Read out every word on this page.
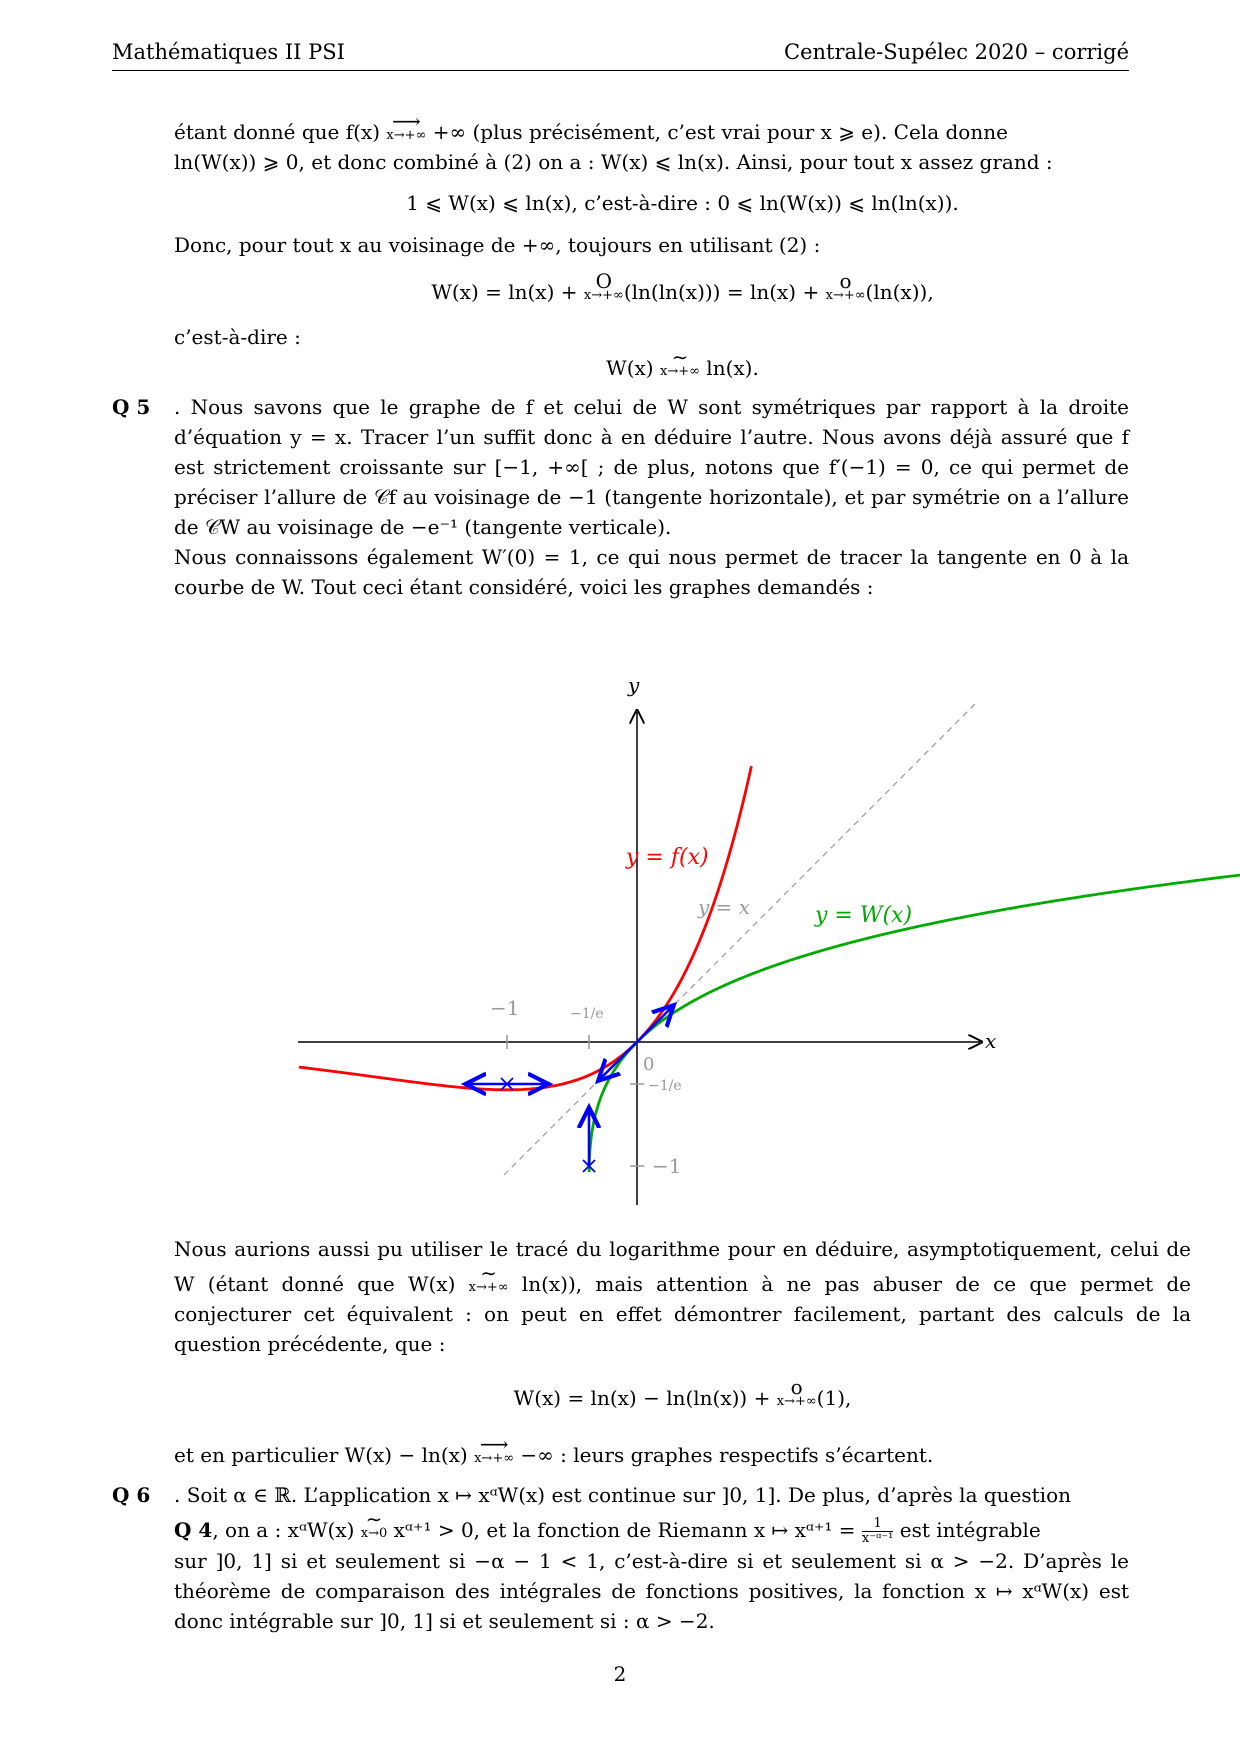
Mathématiques II PSI	Centrale-Supélec 2020 – corrigé
étant donné que f(x) ⟶
x→+∞ +∞ (plus précisément, c’est vrai pour x ⩾ e). Cela donne
ln(W(x)) ⩾ 0, et donc combiné à (2) on a : W(x) ⩽ ln(x). Ainsi, pour tout x assez grand :
1 ⩽ W(x) ⩽ ln(x), c’est-à-dire : 0 ⩽ ln(W(x)) ⩽ ln(ln(x)).
Donc, pour tout x au voisinage de +∞, toujours en utilisant (2) :
W(x) = ln(x) + O
x→+∞ (ln(ln(x))) = ln(x) + o
x→+∞ (ln(x)),
c’est-à-dire :
W(x) ∼
x→+∞ ln(x).
Q 5	. Nous savons que le graphe de f et celui de W sont symétriques par rapport à la droite d’équation y = x. Tracer l’un suffit donc à en déduire l’autre. Nous avons déjà assuré que f est strictement croissante sur [−1, +∞[ ; de plus, notons que f′(−1) = 0, ce qui permet de préciser l’allure de 𝒞f au voisinage de −1 (tangente horizontale), et par symétrie on a l’allure de 𝒞W au voisinage de −e⁻¹ (tangente verticale).
Nous connaissons également W′(0) = 1, ce qui nous permet de tracer la tangente en 0 à la courbe de W. Tout ceci étant considéré, voici les graphes demandés :
x
y
−1	−1/e
0
−1/e
−1
y = f(x)
y = W(x)
y = x
Nous aurions aussi pu utiliser le tracé du logarithme pour en déduire, asymptotiquement, celui de W (étant donné que W(x) ∼
x→+∞ ln(x)), mais attention à ne pas abuser de ce que permet de conjecturer cet équivalent : on peut en effet démontrer facilement, partant des calculs de la question précédente, que :
W(x) = ln(x) − ln(ln(x)) + o
x→+∞ (1),
et en particulier W(x) − ln(x) ⟶
x→+∞ −∞ : leurs graphes respectifs s’écartent.
Q 6	. Soit α ∈ ℝ. L’application x ↦ xᵅW(x) est continue sur ]0, 1]. De plus, d’après la question
Q 4, on a : xᵅW(x) ∼
x→0 xᵅ⁺¹ > 0, et la fonction de Riemann x ↦ xᵅ⁺¹ = $\frac{1}{\text{x⁻ᵅ⁻¹}}$ est intégrable
sur ]0, 1] si et seulement si −α − 1 < 1, c’est-à-dire si et seulement si α > −2. D’après le théorème de comparaison des intégrales de fonctions positives, la fonction x ↦ xᵅW(x) est donc intégrable sur ]0, 1] si et seulement si : α > −2.
2
